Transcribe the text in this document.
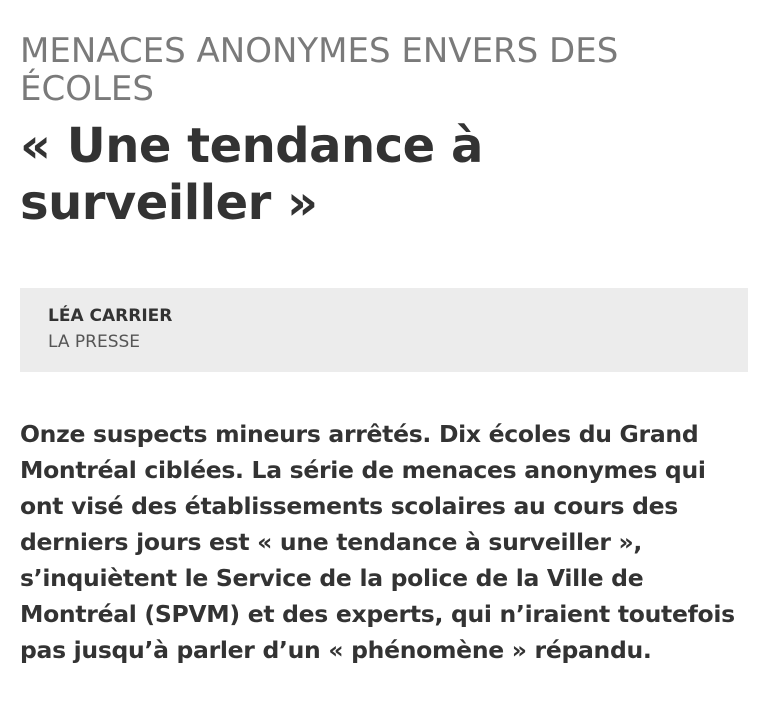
MENACES ANONYMES ENVERS DES ÉCOLES
« Une tendance à surveiller »
LÉA CARRIER
LA PRESSE

Onze suspects mineurs arrêtés. Dix écoles du Grand Montréal ciblées. La série de menaces anonymes qui ont visé des établissements scolaires au cours des derniers jours est « une tendance à surveiller », s’inquiètent le Service de la police de la Ville de Montréal (SPVM) et des experts, qui n’iraient toutefois pas jusqu’à parler d’un « phénomène » répandu.
